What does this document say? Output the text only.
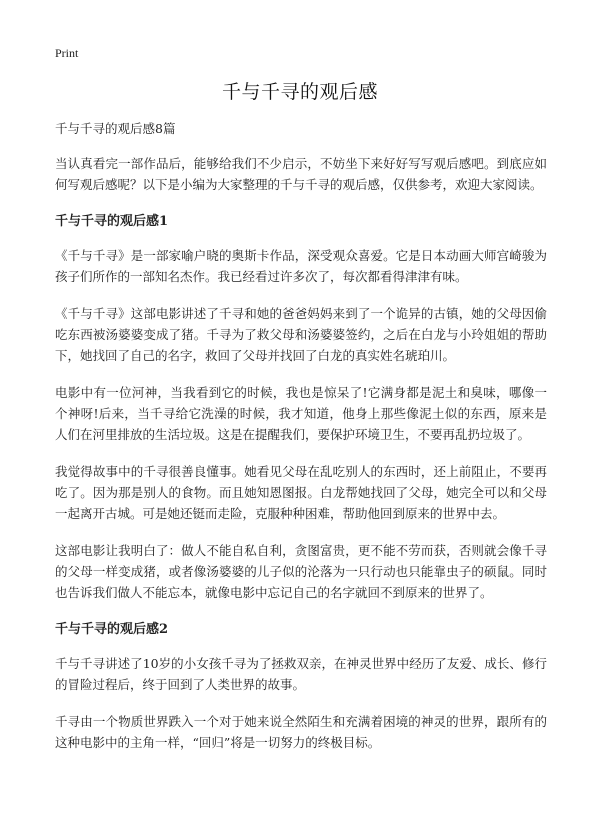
Print
千与千寻的观后感

千与千寻的观后感8篇

当认真看完一部作品后，能够给我们不少启示，不妨坐下来好好写写观后感吧。到底应如何写观后感呢？以下是小编为大家整理的千与千寻的观后感，仅供参考，欢迎大家阅读。

千与千寻的观后感1

《千与千寻》是一部家喻户晓的奥斯卡作品，深受观众喜爱。它是日本动画大师宫崎骏为孩子们所作的一部知名杰作。我已经看过许多次了，每次都看得津津有味。

《千与千寻》这部电影讲述了千寻和她的爸爸妈妈来到了一个诡异的古镇，她的父母因偷吃东西被汤婆婆变成了猪。千寻为了救父母和汤婆婆签约，之后在白龙与小玲姐姐的帮助下，她找回了自己的名字，救回了父母并找回了白龙的真实姓名琥珀川。

电影中有一位河神，当我看到它的时候，我也是惊呆了!它满身都是泥土和臭味，哪像一个神呀!后来，当千寻给它洗澡的时候，我才知道，他身上那些像泥土似的东西，原来是人们在河里排放的生活垃圾。这是在提醒我们，要保护环境卫生，不要再乱扔垃圾了。

我觉得故事中的千寻很善良懂事。她看见父母在乱吃别人的东西时，还上前阻止，不要再吃了。因为那是别人的食物。而且她知恩图报。白龙帮她找回了父母，她完全可以和父母一起离开古城。可是她还铤而走险，克服种种困难，帮助他回到原来的世界中去。

这部电影让我明白了：做人不能自私自利，贪图富贵，更不能不劳而获，否则就会像千寻的父母一样变成猪，或者像汤婆婆的儿子似的沦落为一只行动也只能靠虫子的硕鼠。同时也告诉我们做人不能忘本，就像电影中忘记自己的名字就回不到原来的世界了。

千与千寻的观后感2

千与千寻讲述了10岁的小女孩千寻为了拯救双亲，在神灵世界中经历了友爱、成长、修行的冒险过程后，终于回到了人类世界的故事。

千寻由一个物质世界跌入一个对于她来说全然陌生和充满着困境的神灵的世界，跟所有的这种电影中的主角一样，“回归”将是一切努力的终极目标。
